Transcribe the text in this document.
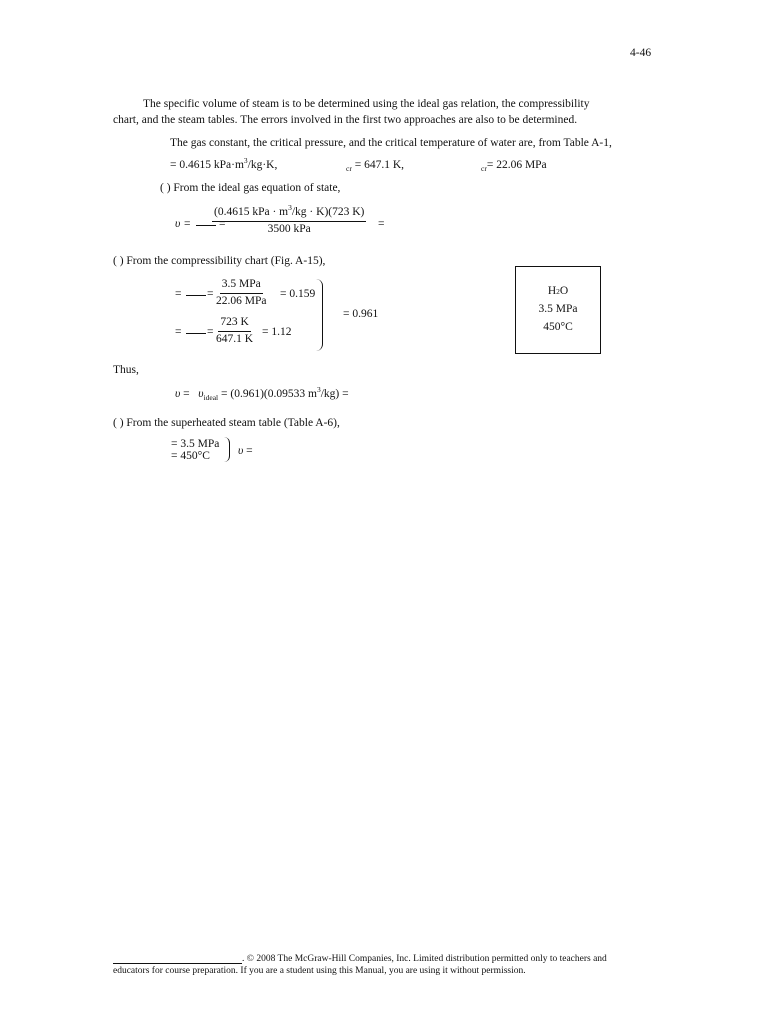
4-46
The specific volume of steam is to be determined using the ideal gas relation, the compressibility
chart, and the steam tables. The errors involved in the first two approaches are also to be determined.
The gas constant, the critical pressure, and the critical temperature of water are, from Table A-1,
= 0.4615 $kPa\cdot m^3/kg\cdot K$,	$_{cr}$ = 647.1 K,	$_{cr}$= 22.06 MPa
( ) From the ideal gas equation of state,
υ = =
(0.4615 kPa · $m^3/kg \cdot K)(723$ K)
3500 kPa	=
( ) From the compressibility chart (Fig. A-15),
= =
3.5 MPa
22.06 MPa
= 0.159
= = $\frac{723 K}{647.1 K} = 1.12$
= 0.961
H2O
3.5 MPa
450°C
Thus,
$\upsilon = \upsilon_{ideal} = (0.961)(0.09533$ $m^3/kg$) =
( ) From the superheated steam table (Table A-6),
= 3.5 MPa
= 450°C υ =
. © 2008 The McGraw-Hill Companies, Inc. Limited distribution permitted only to teachers and
educators for course preparation. If you are a student using this Manual, you are using it without permission.
